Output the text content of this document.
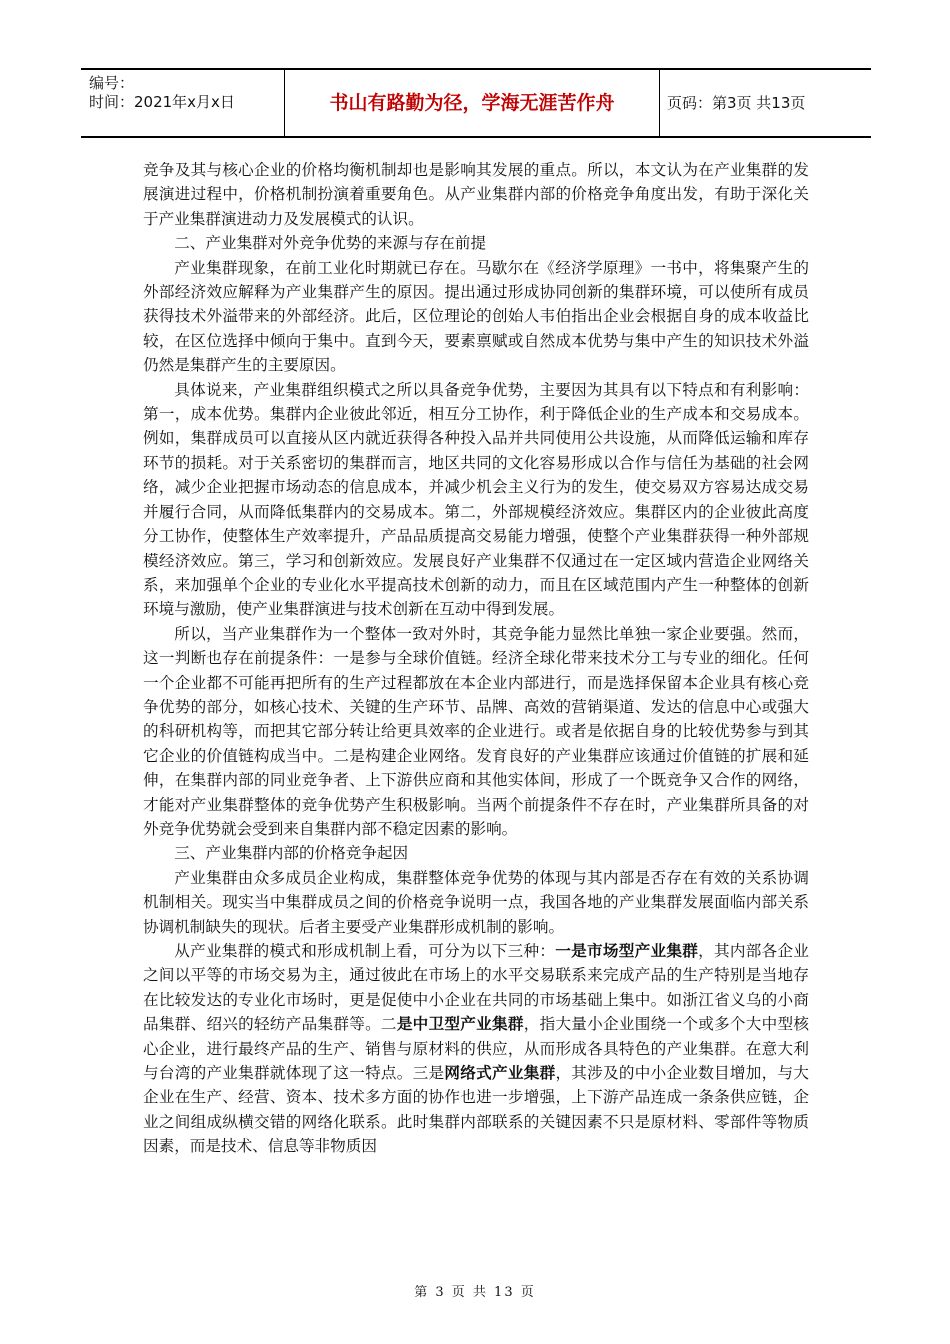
编号：
时间：2021年x月x日	书山有路勤为径，学海无涯苦作舟	页码：第3页 共13页

竞争及其与核心企业的价格均衡机制却也是影响其发展的重点。所以，本文认为在产业集群的发展演进过程中，价格机制扮演着重要角色。从产业集群内部的价格竞争角度出发，有助于深化关于产业集群演进动力及发展模式的认识。

二、产业集群对外竞争优势的来源与存在前提

产业集群现象，在前工业化时期就已存在。马歇尔在《经济学原理》一书中，将集聚产生的外部经济效应解释为产业集群产生的原因。提出通过形成协同创新的集群环境，可以使所有成员获得技术外溢带来的外部经济。此后，区位理论的创始人韦伯指出企业会根据自身的成本收益比较，在区位选择中倾向于集中。直到今天，要素禀赋或自然成本优势与集中产生的知识技术外溢仍然是集群产生的主要原因。

具体说来，产业集群组织模式之所以具备竞争优势，主要因为其具有以下特点和有利影响：第一，成本优势。集群内企业彼此邻近，相互分工协作，利于降低企业的生产成本和交易成本。例如，集群成员可以直接从区内就近获得各种投入品并共同使用公共设施，从而降低运输和库存环节的损耗。对于关系密切的集群而言，地区共同的文化容易形成以合作与信任为基础的社会网络，减少企业把握市场动态的信息成本，并减少机会主义行为的发生，使交易双方容易达成交易并履行合同，从而降低集群内的交易成本。第二，外部规模经济效应。集群区内的企业彼此高度分工协作，使整体生产效率提升，产品品质提高交易能力增强，使整个产业集群获得一种外部规模经济效应。第三，学习和创新效应。发展良好产业集群不仅通过在一定区域内营造企业网络关系，来加强单个企业的专业化水平提高技术创新的动力，而且在区域范围内产生一种整体的创新环境与激励，使产业集群演进与技术创新在互动中得到发展。

所以，当产业集群作为一个整体一致对外时，其竞争能力显然比单独一家企业要强。然而，这一判断也存在前提条件：一是参与全球价值链。经济全球化带来技术分工与专业的细化。任何一个企业都不可能再把所有的生产过程都放在本企业内部进行，而是选择保留本企业具有核心竞争优势的部分，如核心技术、关键的生产环节、品牌、高效的营销渠道、发达的信息中心或强大的科研机构等，而把其它部分转让给更具效率的企业进行。或者是依据自身的比较优势参与到其它企业的价值链构成当中。二是构建企业网络。发育良好的产业集群应该通过价值链的扩展和延伸，在集群内部的同业竞争者、上下游供应商和其他实体间，形成了一个既竞争又合作的网络，才能对产业集群整体的竞争优势产生积极影响。当两个前提条件不存在时，产业集群所具备的对外竞争优势就会受到来自集群内部不稳定因素的影响。

三、产业集群内部的价格竞争起因

产业集群由众多成员企业构成，集群整体竞争优势的体现与其内部是否存在有效的关系协调机制相关。现实当中集群成员之间的价格竞争说明一点，我国各地的产业集群发展面临内部关系协调机制缺失的现状。后者主要受产业集群形成机制的影响。

从产业集群的模式和形成机制上看，可分为以下三种：一是市场型产业集群，其内部各企业之间以平等的市场交易为主，通过彼此在市场上的水平交易联系来完成产品的生产特别是当地存在比较发达的专业化市场时，更是促使中小企业在共同的市场基础上集中。如浙江省义乌的小商品集群、绍兴的轻纺产品集群等。二是中卫型产业集群，指大量小企业围绕一个或多个大中型核心企业，进行最终产品的生产、销售与原材料的供应，从而形成各具特色的产业集群。在意大利与台湾的产业集群就体现了这一特点。三是网络式产业集群，其涉及的中小企业数目增加，与大企业在生产、经营、资本、技术多方面的协作也进一步增强，上下游产品连成一条条供应链，企业之间组成纵横交错的网络化联系。此时集群内部联系的关键因素不只是原材料、零部件等物质因素，而是技术、信息等非物质因

第 3 页 共 13 页
